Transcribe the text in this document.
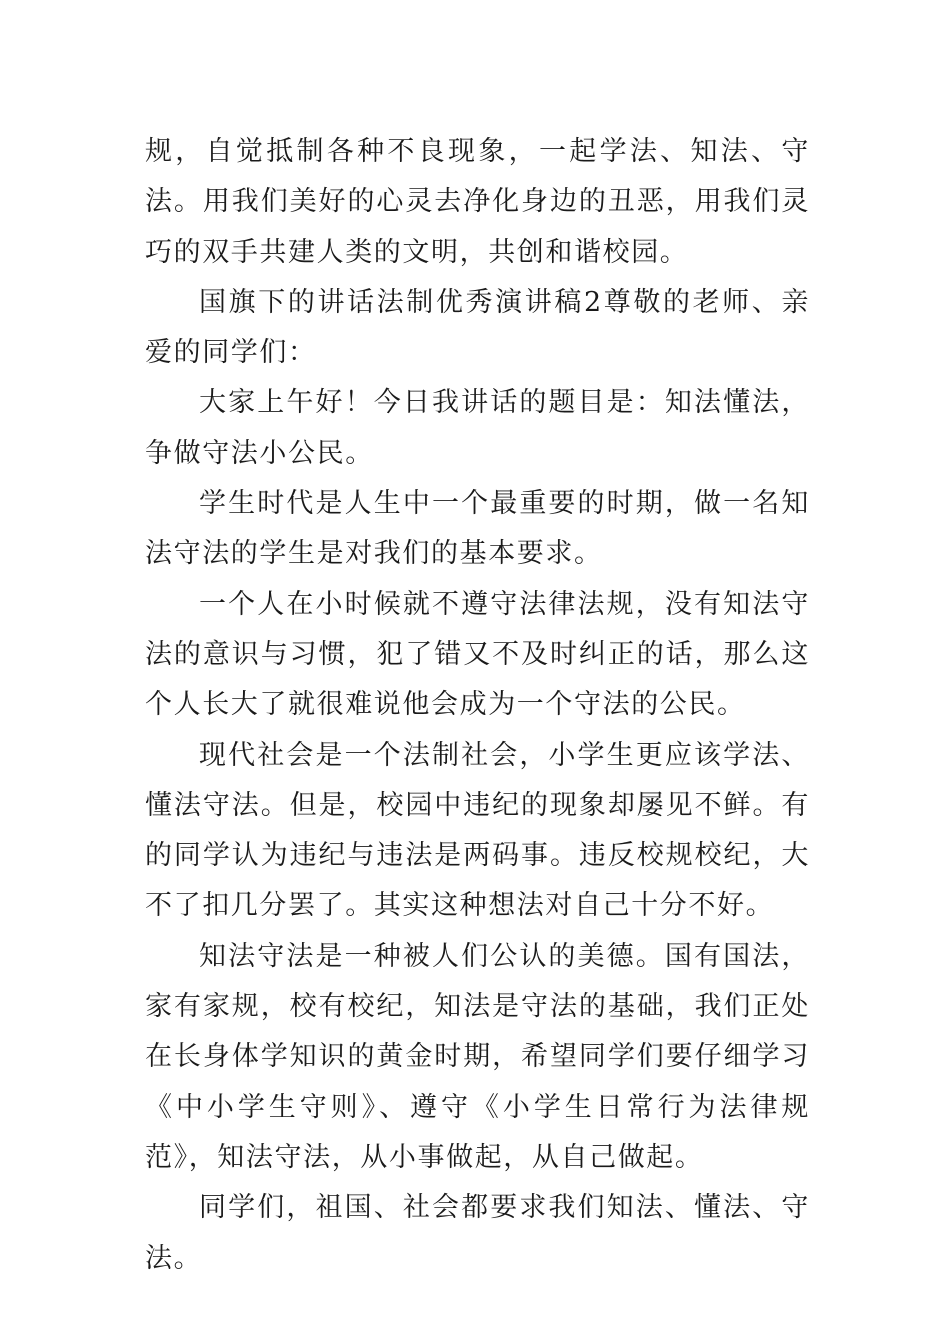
规，自觉抵制各种不良现象，一起学法、知法、守法。用我们美好的心灵去净化身边的丑恶，用我们灵巧的双手共建人类的文明，共创和谐校园。

国旗下的讲话法制优秀演讲稿2尊敬的老师、亲爱的同学们：

大家上午好！今日我讲话的题目是：知法懂法，争做守法小公民。

学生时代是人生中一个最重要的时期，做一名知法守法的学生是对我们的基本要求。

一个人在小时候就不遵守法律法规，没有知法守法的意识与习惯，犯了错又不及时纠正的话，那么这个人长大了就很难说他会成为一个守法的公民。

现代社会是一个法制社会，小学生更应该学法、懂法守法。但是，校园中违纪的现象却屡见不鲜。有的同学认为违纪与违法是两码事。违反校规校纪，大不了扣几分罢了。其实这种想法对自己十分不好。

知法守法是一种被人们公认的美德。国有国法，家有家规，校有校纪，知法是守法的基础，我们正处在长身体学知识的黄金时期，希望同学们要仔细学习《中小学生守则》、遵守《小学生日常行为法律规范》，知法守法，从小事做起，从自己做起。

同学们，祖国、社会都要求我们知法、懂法、守法。
